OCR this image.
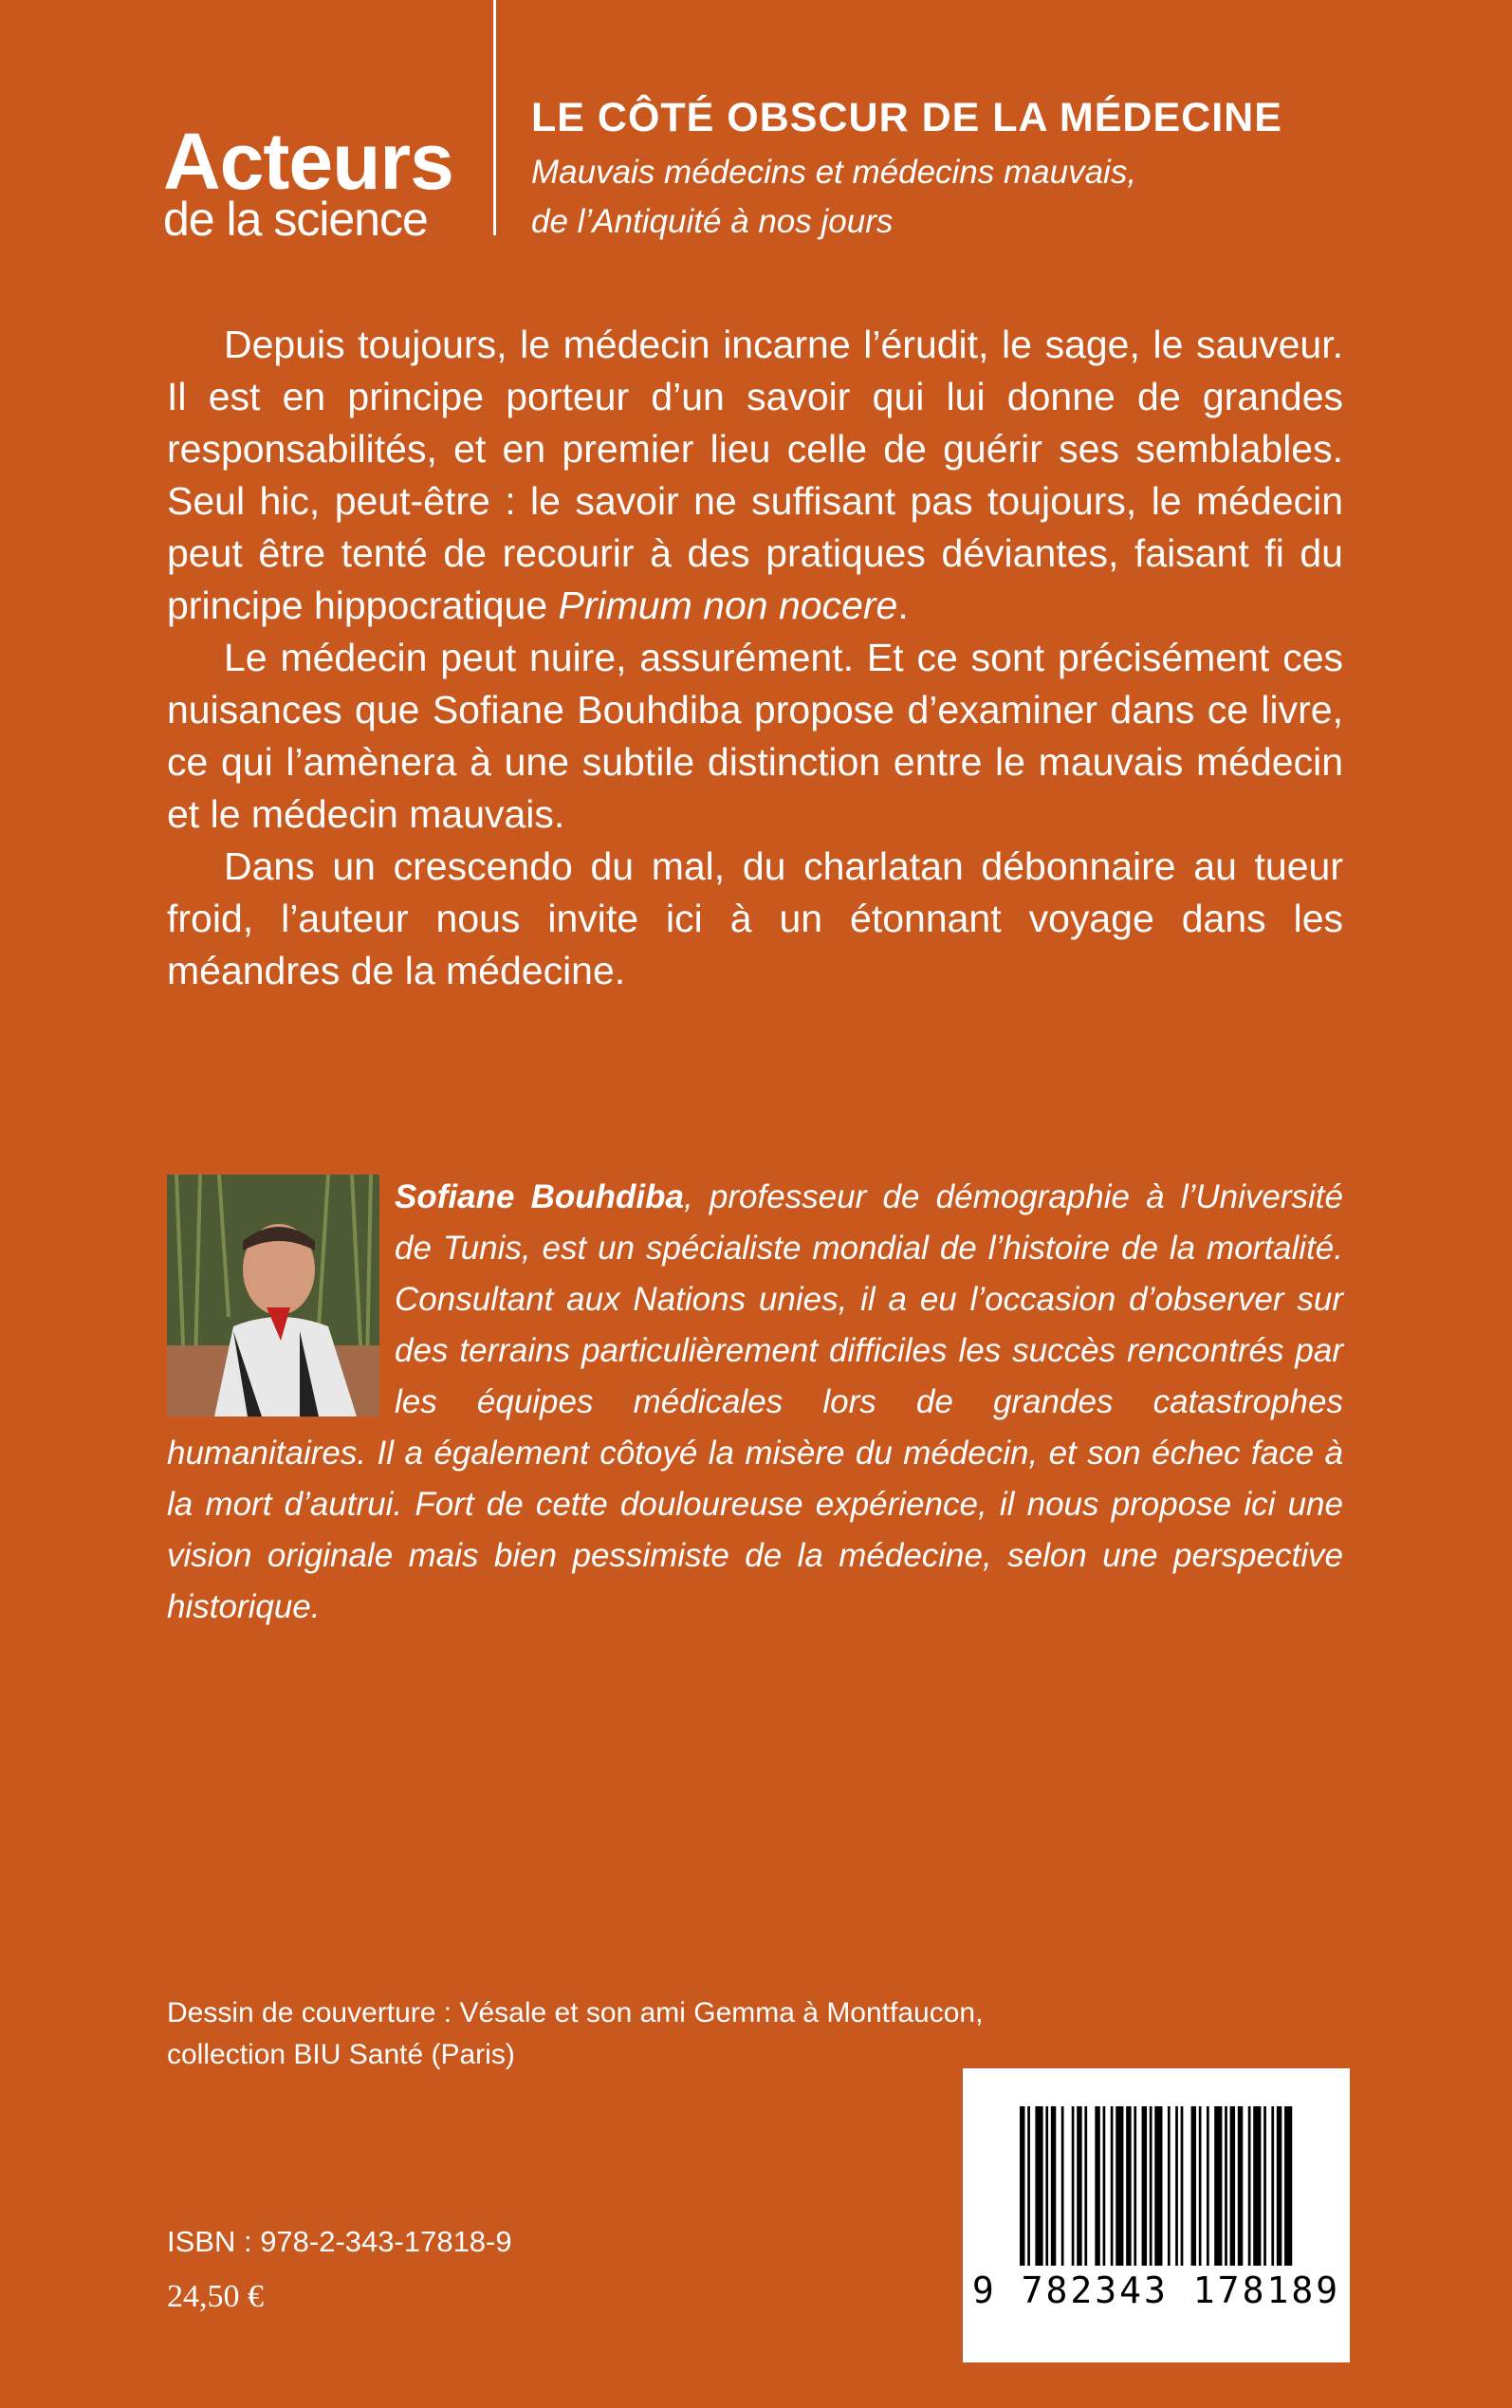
Acteurs
de la science
LE CÔTÉ OBSCUR DE LA MÉDECINE
Mauvais médecins et médecins mauvais,
de l’Antiquité à nos jours

Depuis toujours, le médecin incarne l’érudit, le sage, le sauveur. Il est en principe porteur d’un savoir qui lui donne de grandes responsabilités, et en premier lieu celle de guérir ses semblables. Seul hic, peut-être : le savoir ne suffisant pas toujours, le médecin peut être tenté de recourir à des pratiques déviantes, faisant fi du principe hippocratique Primum non nocere.

Le médecin peut nuire, assurément. Et ce sont précisément ces nuisances que Sofiane Bouhdiba propose d’examiner dans ce livre, ce qui l’amènera à une subtile distinction entre le mauvais médecin et le médecin mauvais.

Dans un crescendo du mal, du charlatan débonnaire au tueur froid, l’auteur nous invite ici à un étonnant voyage dans les méandres de la médecine.

Sofiane Bouhdiba, professeur de démographie à l’Université de Tunis, est un spécialiste mondial de l’histoire de la mortalité. Consultant aux Nations unies, il a eu l’occasion d’observer sur des terrains particulièrement difficiles les succès rencontrés par les équipes médicales lors de grandes catastrophes humanitaires. Il a également côtoyé la misère du médecin, et son échec face à la mort d’autrui. Fort de cette douloureuse expérience, il nous propose ici une vision originale mais bien pessimiste de la médecine, selon une perspective historique.
Dessin de couverture : Vésale et son ami Gemma à Montfaucon,
collection BIU Santé (Paris)
ISBN : 978-2-343-17818-9
24,50 €	9 782343 178189
